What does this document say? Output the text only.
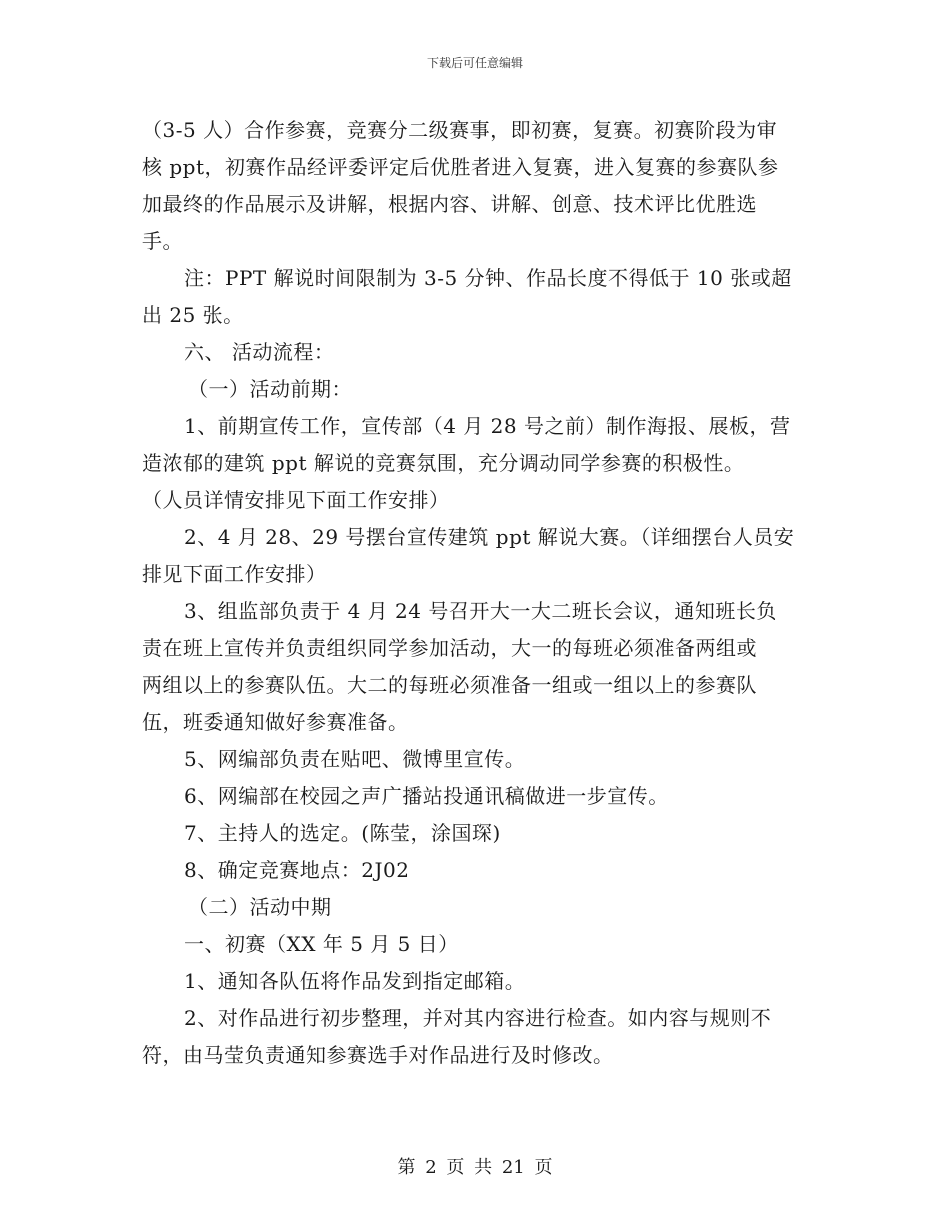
下载后可任意编辑
（3-5 人）合作参赛，竞赛分二级赛事，即初赛，复赛。初赛阶段为审
核 ppt，初赛作品经评委评定后优胜者进入复赛，进入复赛的参赛队参
加最终的作品展示及讲解，根据内容、讲解、创意、技术评比优胜选
手。
注：PPT 解说时间限制为 3-5 分钟、作品长度不得低于 10 张或超
出 25 张。
六、 活动流程：
（一）活动前期：
1、前期宣传工作，宣传部（4 月 28 号之前）制作海报、展板，营
造浓郁的建筑 ppt 解说的竞赛氛围，充分调动同学参赛的积极性。
（人员详情安排见下面工作安排）
2、4 月 28、29 号摆台宣传建筑 ppt 解说大赛。（详细摆台人员安
排见下面工作安排）
3、组监部负责于 4 月 24 号召开大一大二班长会议，通知班长负
责在班上宣传并负责组织同学参加活动，大一的每班必须准备两组或
两组以上的参赛队伍。大二的每班必须准备一组或一组以上的参赛队
伍，班委通知做好参赛准备。
5、网编部负责在贴吧、微博里宣传。
6、网编部在校园之声广播站投通讯稿做进一步宣传。
7、主持人的选定。(陈莹，涂国琛)
8、确定竞赛地点：2J02
（二）活动中期
一、初赛（XX 年 5 月 5 日）
1、通知各队伍将作品发到指定邮箱。
2、对作品进行初步整理，并对其内容进行检查。如内容与规则不
符，由马莹负责通知参赛选手对作品进行及时修改。
第 2 页 共 21 页
